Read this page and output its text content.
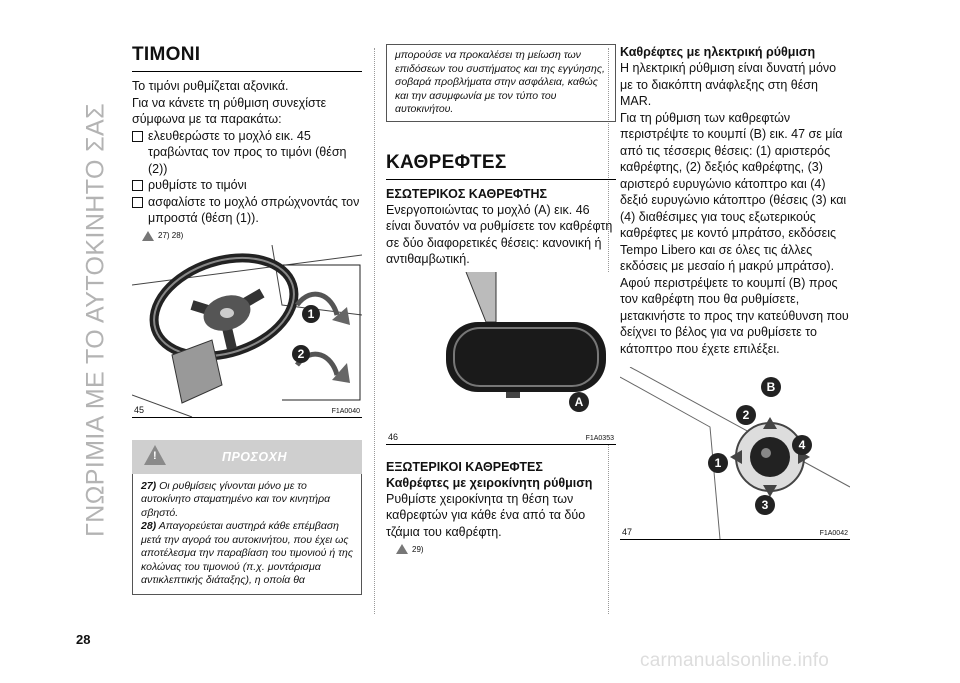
ΓΝΩΡΙΜΙΑ ΜΕ ΤΟ ΑΥΤΟΚΙΝΗΤΟ ΣΑΣ
28
ΤΙΜΟΝΙ

Το τιμόνι ρυθμίζεται αξονικά.

Για να κάνετε τη ρύθμιση συνεχίστε σύμφωνα με τα παρακάτω:

ελευθερώστε το μοχλό εικ. 45 τραβώντας τον προς το τιμόνι (θέση (2))

ρυθμίστε το τιμόνι

ασφαλίστε το μοχλό σπρώχνοντάς τον μπροστά (θέση (1)).

27) 28)
1
2
45	F1A0040
!	ΠΡΟΣΟΧΗ
27) Οι ρυθμίσεις γίνονται μόνο με το αυτοκίνητο σταματημένο και τον κινητήρα σβηστό.
28) Απαγορεύεται αυστηρά κάθε επέμβαση μετά την αγορά του αυτοκινήτου, που έχει ως αποτέλεσμα την παραβίαση του τιμονιού ή της κολώνας του τιμονιού (π.χ. μοντάρισμα αντικλεπτικής διάταξης), η οποία θα
μπορούσε να προκαλέσει τη μείωση των επιδόσεων του συστήματος και της εγγύησης, σοβαρά προβλήματα στην ασφάλεια, καθώς και την ασυμφωνία με τον τύπο του αυτοκινήτου.
ΚΑΘΡΕΦΤΕΣ
ΕΣΩΤΕΡΙΚΟΣ ΚΑΘΡΕΦΤΗΣ

Ενεργοποιώντας το μοχλό (A) εικ. 46 είναι δυνατόν να ρυθμίσετε τον καθρέφτη σε δύο διαφορετικές θέσεις: κανονική ή αντιθαμβωτική.

A
46	F1A0353
ΕΞΩΤΕΡΙΚΟΙ ΚΑΘΡΕΦΤΕΣ
Καθρέφτες με χειροκίνητη ρύθμιση

Ρυθμίστε χειροκίνητα τη θέση των καθρεφτών για κάθε ένα από τα δύο τζάμια του καθρέφτη.

29)
Καθρέφτες με ηλεκτρική ρύθμιση

Η ηλεκτρική ρύθμιση είναι δυνατή μόνο με το διακόπτη ανάφλεξης στη θέση MAR.

Για τη ρύθμιση των καθρεφτών περιστρέψτε το κουμπί (B) εικ. 47 σε μία από τις τέσσερις θέσεις: (1) αριστερός καθρέφτης, (2) δεξιός καθρέφτης, (3) αριστερό ευρυγώνιο κάτοπτρο και (4) δεξιό ευρυγώνιο κάτοπτρο (θέσεις (3) και (4) διαθέσιμες για τους εξωτερικούς καθρέφτες με κοντό μπράτσο, εκδόσεις Tempo Libero και σε όλες τις άλλες εκδόσεις με μεσαίο ή μακρύ μπράτσο).

Αφού περιστρέψετε το κουμπί (B) προς τον καθρέφτη που θα ρυθμίσετε, μετακινήστε το προς την κατεύθυνση που δείχνει το βέλος για να ρυθμίσετε το κάτοπτρο που έχετε επιλέξει.

B
2
4
1
3
47	F1A0042
carmanualsonline.info
